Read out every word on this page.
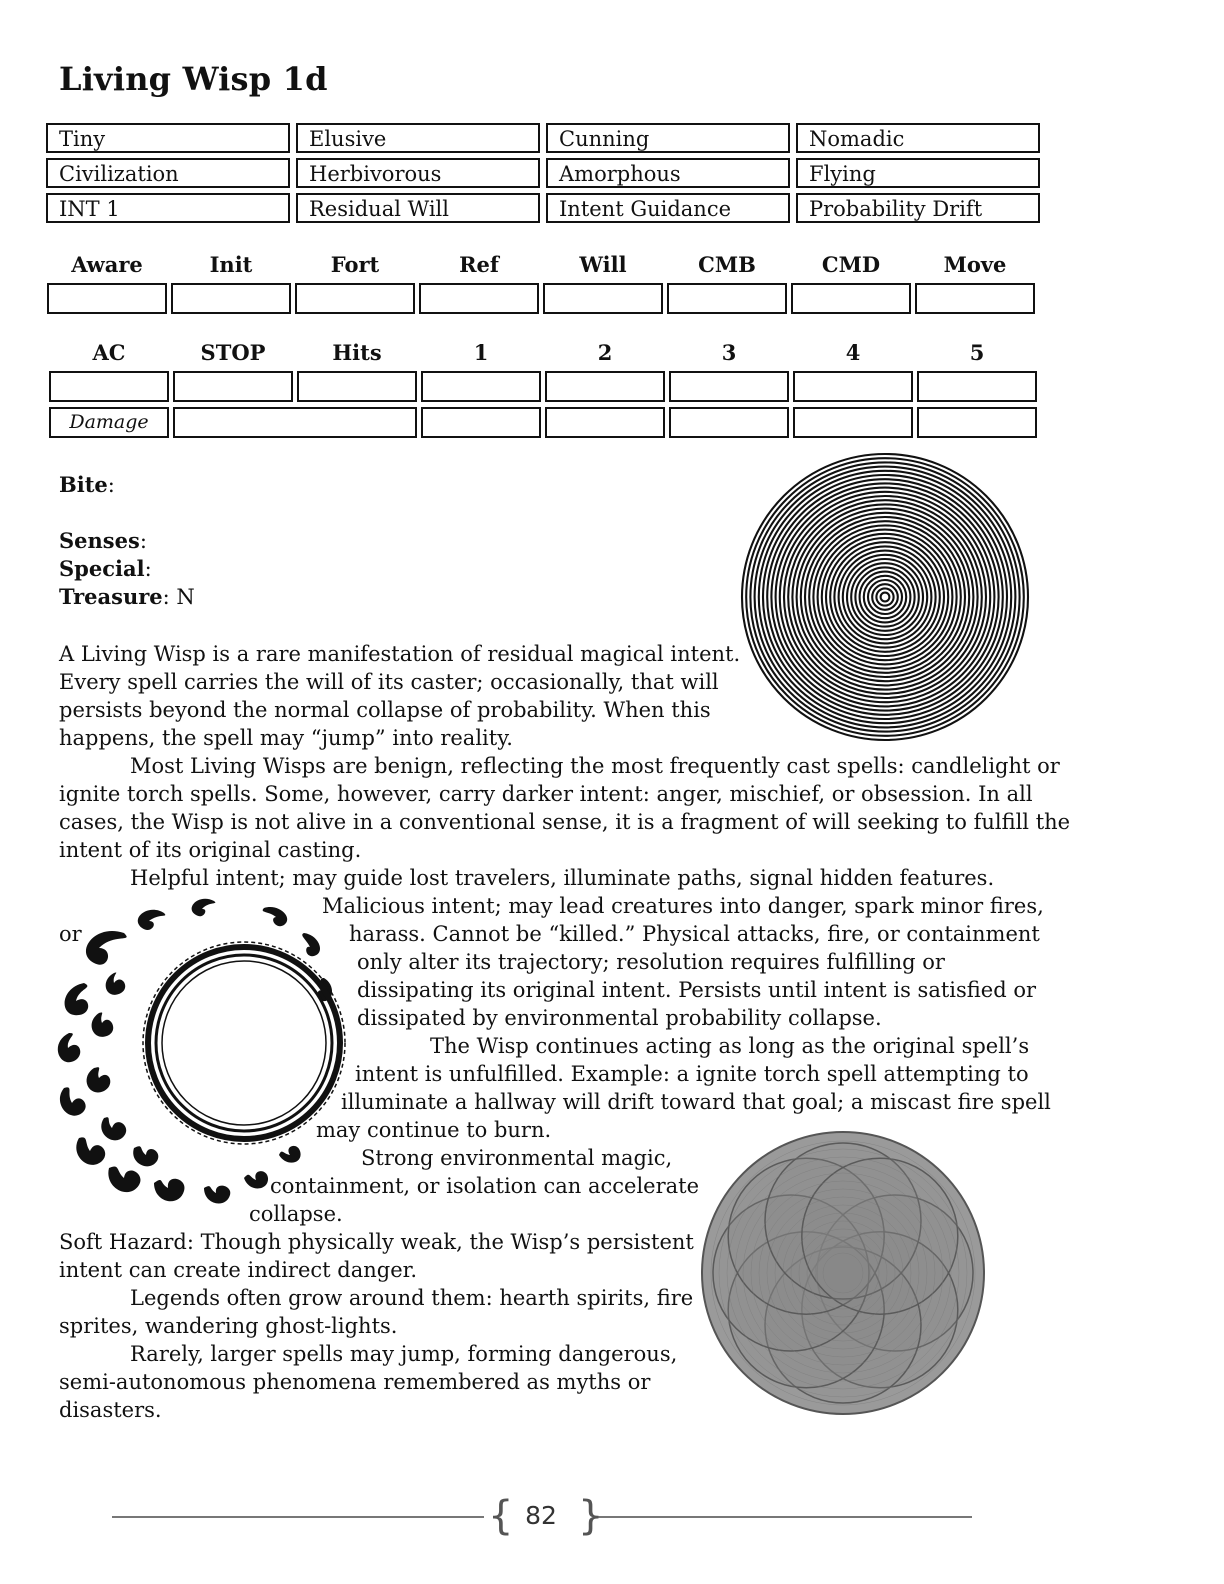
Living Wisp 1d
Tiny	Elusive	Cunning	Nomadic
Civilization	Herbivorous	Amorphous	Flying
INT 1	Residual Will	Intent Guidance	Probability Drift
Aware	Init	Fort	Ref	Will	CMB	CMD	Move
AC	STOP	Hits	1	2	3	4	5
Damage

Bite:

Senses:

Special:

Treasure: N

A Living Wisp is a rare manifestation of residual magical intent.

Every spell carries the will of its caster; occasionally, that will

persists beyond the normal collapse of probability. When this

happens, the spell may “jump” into reality.

Most Living Wisps are benign, reflecting the most frequently cast spells: candlelight or

ignite torch spells. Some, however, carry darker intent: anger, mischief, or obsession. In all

cases, the Wisp is not alive in a conventional sense, it is a fragment of will seeking to fulfill the

intent of its original casting.

Helpful intent; may guide lost travelers, illuminate paths, signal hidden features.

Malicious intent; may lead creatures into danger, spark minor fires,

or	harass. Cannot be “killed.” Physical attacks, fire, or containment

only alter its trajectory; resolution requires fulfilling or

dissipating its original intent. Persists until intent is satisfied or

dissipated by environmental probability collapse.

The Wisp continues acting as long as the original spell’s

intent is unfulfilled. Example: a ignite torch spell attempting to

illuminate a hallway will drift toward that goal; a miscast fire spell

may continue to burn.

Strong environmental magic,

containment, or isolation can accelerate

collapse.

Soft Hazard: Though physically weak, the Wisp’s persistent

intent can create indirect danger.

Legends often grow around them: hearth spirits, fire

sprites, wandering ghost-lights.

Rarely, larger spells may jump, forming dangerous,

semi-autonomous phenomena remembered as myths or

disasters.

{ }
82
